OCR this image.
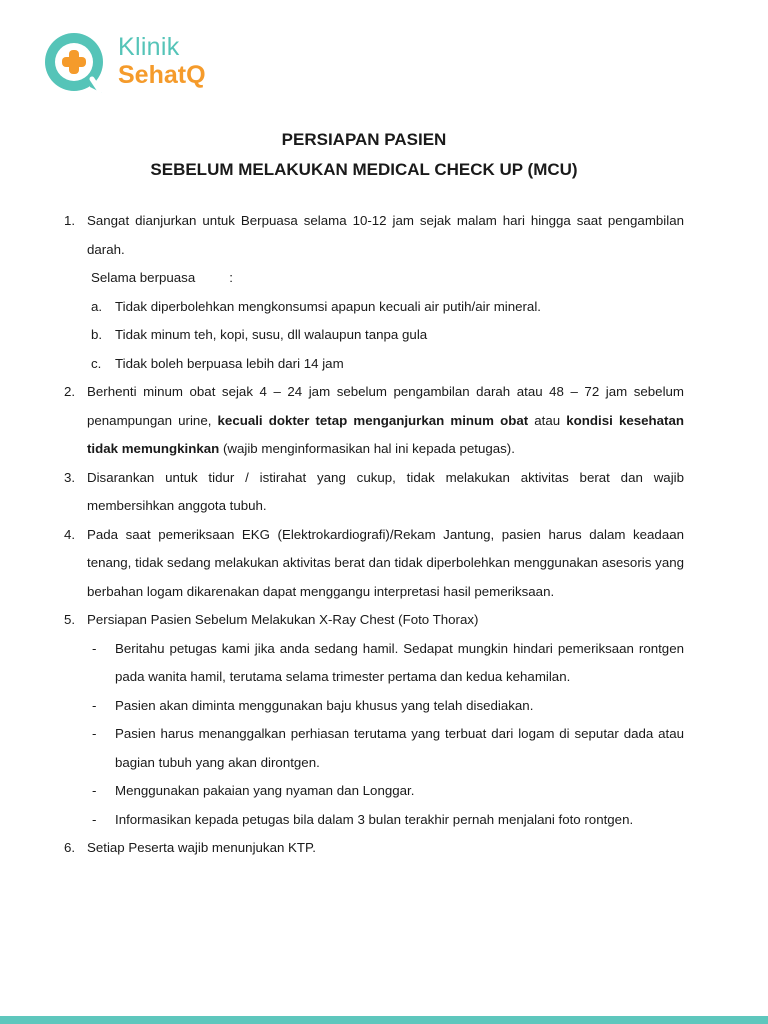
Klinik
SehatQ
PERSIAPAN PASIEN
SEBELUM MELAKUKAN MEDICAL CHECK UP (MCU)
1. Sangat dianjurkan untuk Berpuasa selama 10-12 jam sejak malam hari hingga saat pengambilan darah.

Selama berpuasa	:
a. Tidak diperbolehkan mengkonsumsi apapun kecuali air putih/air mineral.

b. Tidak minum teh, kopi, susu, dll walaupun tanpa gula

c. Tidak boleh berpuasa lebih dari 14 jam

2. Berhenti minum obat sejak 4 – 24 jam sebelum pengambilan darah atau 48 – 72 jam sebelum penampungan urine, kecuali dokter tetap menganjurkan minum obat atau kondisi kesehatan tidak memungkinkan (wajib menginformasikan hal ini kepada petugas).

3. Disarankan untuk tidur / istirahat yang cukup, tidak melakukan aktivitas berat dan wajib membersihkan anggota tubuh.

4. Pada saat pemeriksaan EKG (Elektrokardiografi)/Rekam Jantung, pasien harus dalam keadaan tenang, tidak sedang melakukan aktivitas berat dan tidak diperbolehkan menggunakan asesoris yang berbahan logam dikarenakan dapat menggangu interpretasi hasil pemeriksaan.

5. Persiapan Pasien Sebelum Melakukan X-Ray Chest (Foto Thorax)

- Beritahu petugas kami jika anda sedang hamil. Sedapat mungkin hindari pemeriksaan rontgen pada wanita hamil, terutama selama trimester pertama dan kedua kehamilan.

- Pasien akan diminta menggunakan baju khusus yang telah disediakan.

- Pasien harus menanggalkan perhiasan terutama yang terbuat dari logam di seputar dada atau bagian tubuh yang akan dirontgen.

- Menggunakan pakaian yang nyaman dan Longgar.

- Informasikan kepada petugas bila dalam 3 bulan terakhir pernah menjalani foto rontgen.

6. Setiap Peserta wajib menunjukan KTP.
